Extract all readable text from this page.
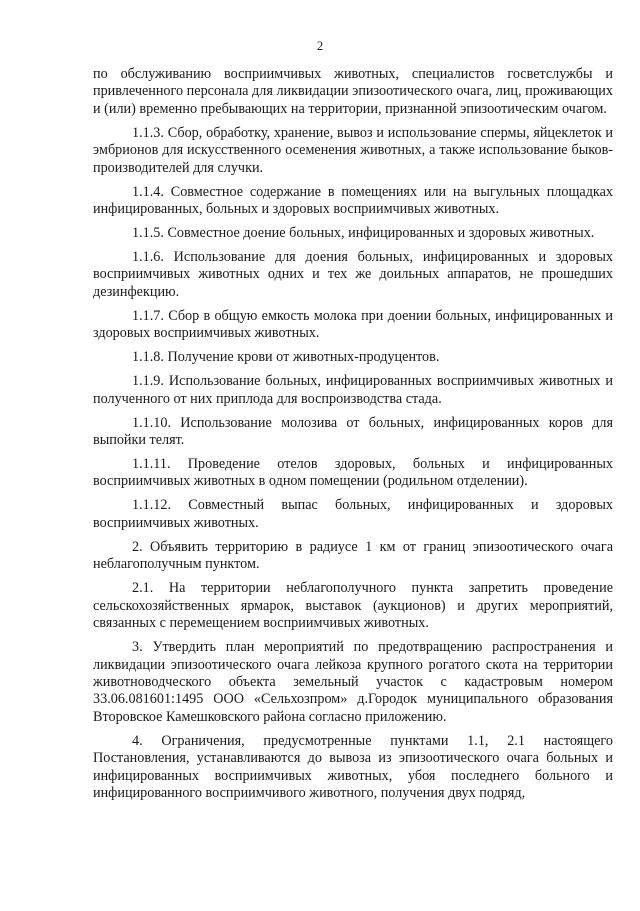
2

по обслуживанию восприимчивых животных, специалистов госветслужбы и привлеченного персонала для ликвидации эпизоотического очага, лиц, проживающих и (или) временно пребывающих на территории, признанной эпизоотическим очагом.

1.1.3. Сбор, обработку, хранение, вывоз и использование спермы, яйцеклеток и эмбрионов для искусственного осеменения животных, а также использование быков-производителей для случки.

1.1.4. Совместное содержание в помещениях или на выгульных площадках инфицированных, больных и здоровых восприимчивых животных.

1.1.5. Совместное доение больных, инфицированных и здоровых животных.

1.1.6. Использование для доения больных, инфицированных и здоровых восприимчивых животных одних и тех же доильных аппаратов, не прошедших дезинфекцию.

1.1.7. Сбор в общую емкость молока при доении больных, инфицированных и здоровых восприимчивых животных.

1.1.8. Получение крови от животных-продуцентов.

1.1.9. Использование больных, инфицированных восприимчивых животных и полученного от них приплода для воспроизводства стада.

1.1.10. Использование молозива от больных, инфицированных коров для выпойки телят.

1.1.11. Проведение отелов здоровых, больных и инфицированных восприимчивых животных в одном помещении (родильном отделении).

1.1.12. Совместный выпас больных, инфицированных и здоровых восприимчивых животных.

2. Объявить территорию в радиусе 1 км от границ эпизоотического очага неблагополучным пунктом.

2.1. На территории неблагополучного пункта запретить проведение сельскохозяйственных ярмарок, выставок (аукционов) и других мероприятий, связанных с перемещением восприимчивых животных.

3. Утвердить план мероприятий по предотвращению распространения и ликвидации эпизоотического очага лейкоза крупного рогатого скота на территории животноводческого объекта земельный участок с кадастровым номером 33.06.081601:1495 ООО «Сельхозпром» д.Городок муниципального образования Второвское Камешковского района согласно приложению.

4. Ограничения, предусмотренные пунктами 1.1, 2.1 настоящего Постановления, устанавливаются до вывоза из эпизоотического очага больных и инфицированных восприимчивых животных, убоя последнего больного и инфицированного восприимчивого животного, получения двух подряд,
